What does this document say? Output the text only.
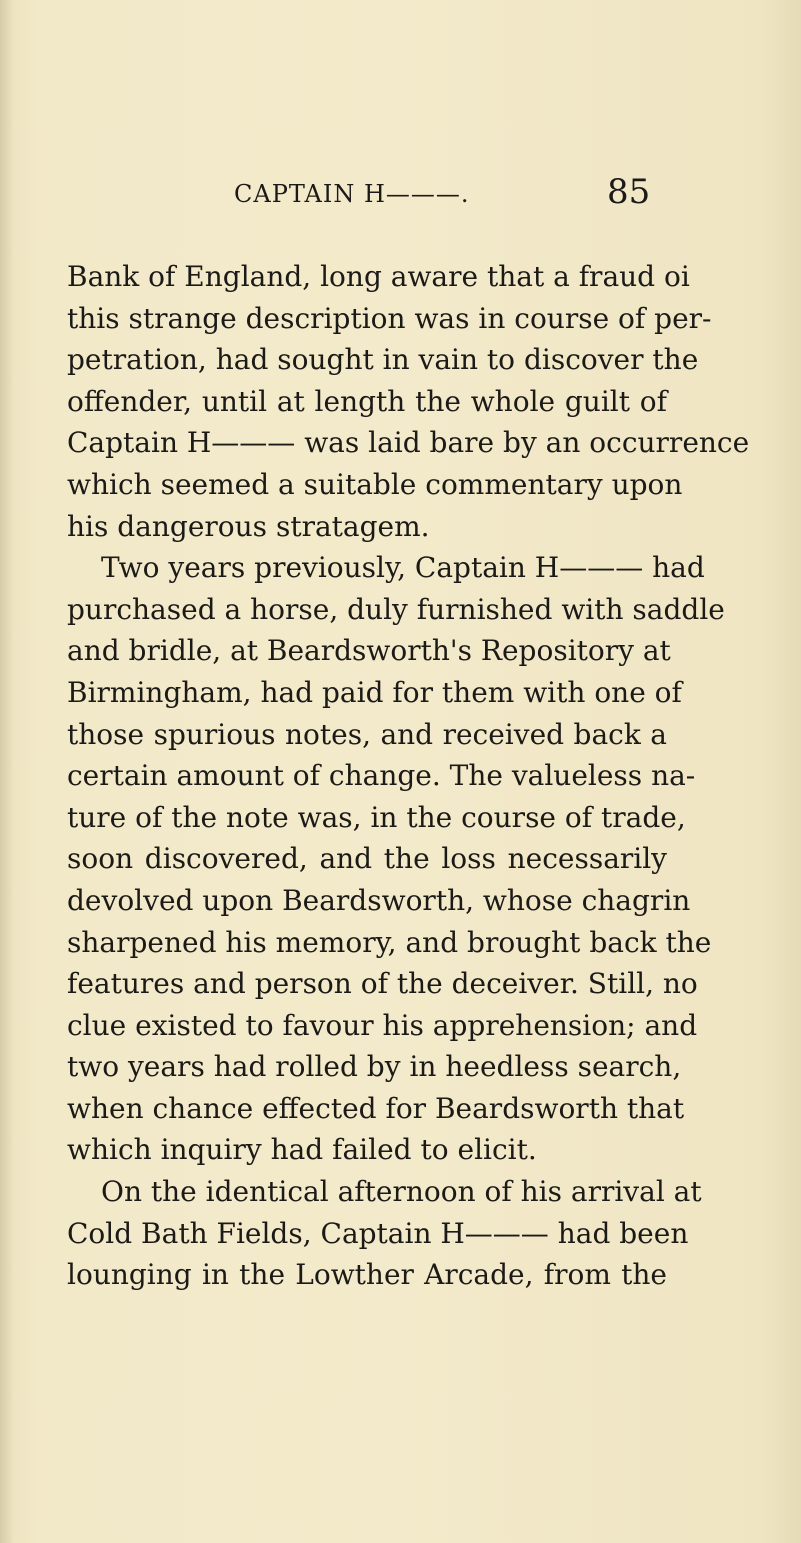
CAPTAIN H———.	85
Bank of England, long aware that a fraud oi
this strange description was in course of per-
petration, had sought in vain to discover the
offender, until at length the whole guilt of
Captain H——— was laid bare by an occurrence
which seemed a suitable commentary upon
his dangerous stratagem.
Two years previously, Captain H——— had
purchased a horse, duly furnished with saddle
and bridle, at Beardsworth's Repository at
Birmingham, had paid for them with one of
those spurious notes, and received back a
certain amount of change. The valueless na-
ture of the note was, in the course of trade,
soon discovered, and the loss necessarily
devolved upon Beardsworth, whose chagrin
sharpened his memory, and brought back the
features and person of the deceiver. Still, no
clue existed to favour his apprehension; and
two years had rolled by in heedless search,
when chance effected for Beardsworth that
which inquiry had failed to elicit.
On the identical afternoon of his arrival at
Cold Bath Fields, Captain H——— had been
lounging in the Lowther Arcade, from the
